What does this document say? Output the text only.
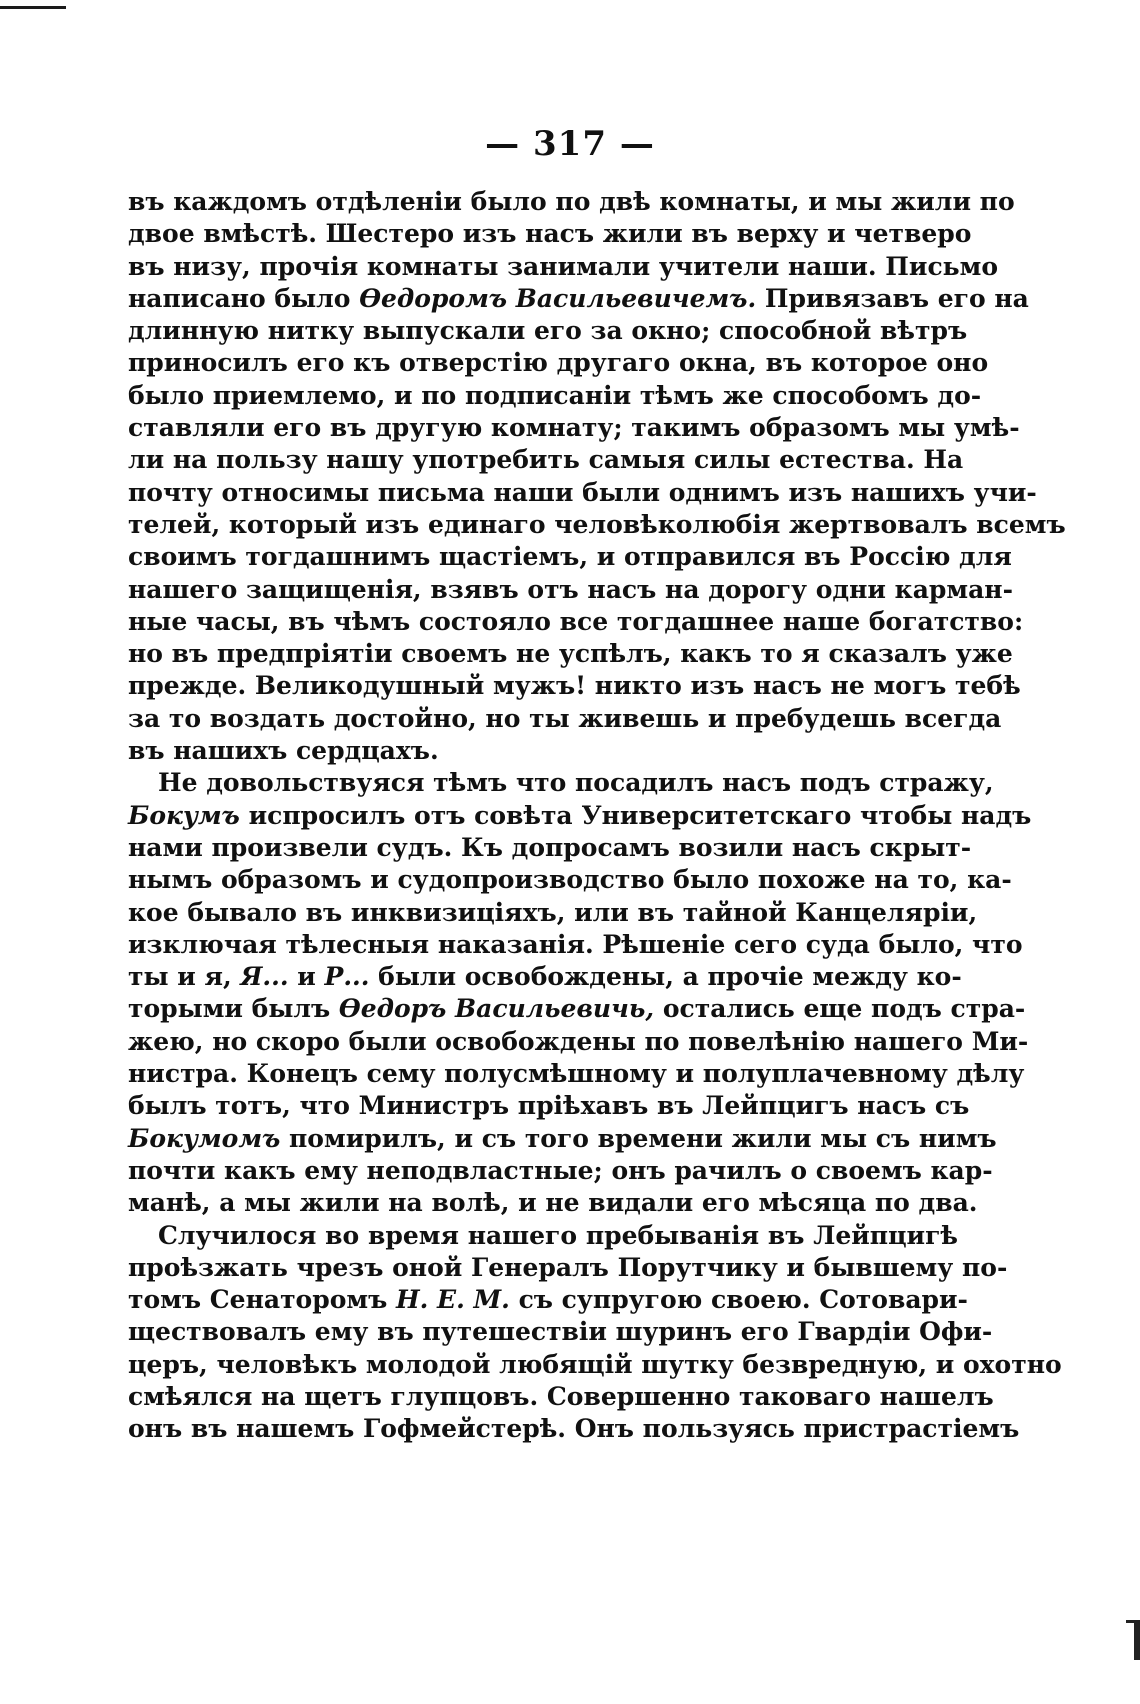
— 317 —
въ каждомъ отдѣленіи было по двѣ комнаты, и мы жили по
двое вмѣстѣ. Шестеро изъ насъ жили въ верху и четверо
въ низу, прочія комнаты занимали учители наши. Письмо
написано было Ѳедоромъ Васильевичемъ. Привязавъ его на
длинную нитку выпускали его за окно; способной вѣтръ
приносилъ его къ отверстію другаго окна, въ которое оно
было приемлемо, и по подписаніи тѣмъ же способомъ до-
ставляли его въ другую комнату; такимъ образомъ мы умѣ-
ли на пользу нашу употребить самыя силы естества. На
почту относимы письма наши были однимъ изъ нашихъ учи-
телей, который изъ единаго человѣколюбія жертвовалъ всемъ
своимъ тогдашнимъ щастіемъ, и отправился въ Россію для
нашего защищенія, взявъ отъ насъ на дорогу одни карман-
ные часы, въ чѣмъ состояло все тогдашнее наше богатство:
но въ предпріятіи своемъ не успѣлъ, какъ то я сказалъ уже
прежде. Великодушный мужъ! никто изъ насъ не могъ тебѣ
за то воздать достойно, но ты живешь и пребудешь всегда
въ нашихъ сердцахъ.
Не довольствуяся тѣмъ что посадилъ насъ подъ стражу,
Бокумъ испросилъ отъ совѣта Университетскаго чтобы надъ
нами произвели судъ. Къ допросамъ возили насъ скрыт-
нымъ образомъ и судопроизводство было похоже на то, ка-
кое бывало въ инквизиціяхъ, или въ тайной Канцеляріи,
изключая тѣлесныя наказанія. Рѣшеніе сего суда было, что
ты и я, Я... и Р... были освобождены, а прочіе между ко-
торыми былъ Ѳедоръ Васильевичь, остались еще подъ стра-
жею, но скоро были освобождены по повелѣнію нашего Ми-
нистра. Конецъ сему полусмѣшному и полуплачевному дѣлу
былъ тотъ, что Министръ пріѣхавъ въ Лейпцигъ насъ съ
Бокумомъ помирилъ, и съ того времени жили мы съ нимъ
почти какъ ему неподвластные; онъ рачилъ о своемъ кар-
манѣ, а мы жили на волѣ, и не видали его мѣсяца по два.
Случилося во время нашего пребыванія въ Лейпцигѣ
проѣзжать чрезъ оной Генералъ Порутчику и бывшему по-
томъ Сенаторомъ Н. Е. М. съ супругою своею. Сотовари-
ществовалъ ему въ путешествіи шуринъ его Гвардіи Офи-
церъ, человѣкъ молодой любящій шутку безвредную, и охотно
смѣялся на щетъ глупцовъ. Совершенно таковагo нашелъ
онъ въ нашемъ Гофмейстерѣ. Онъ пользуясь пристрастіемъ
